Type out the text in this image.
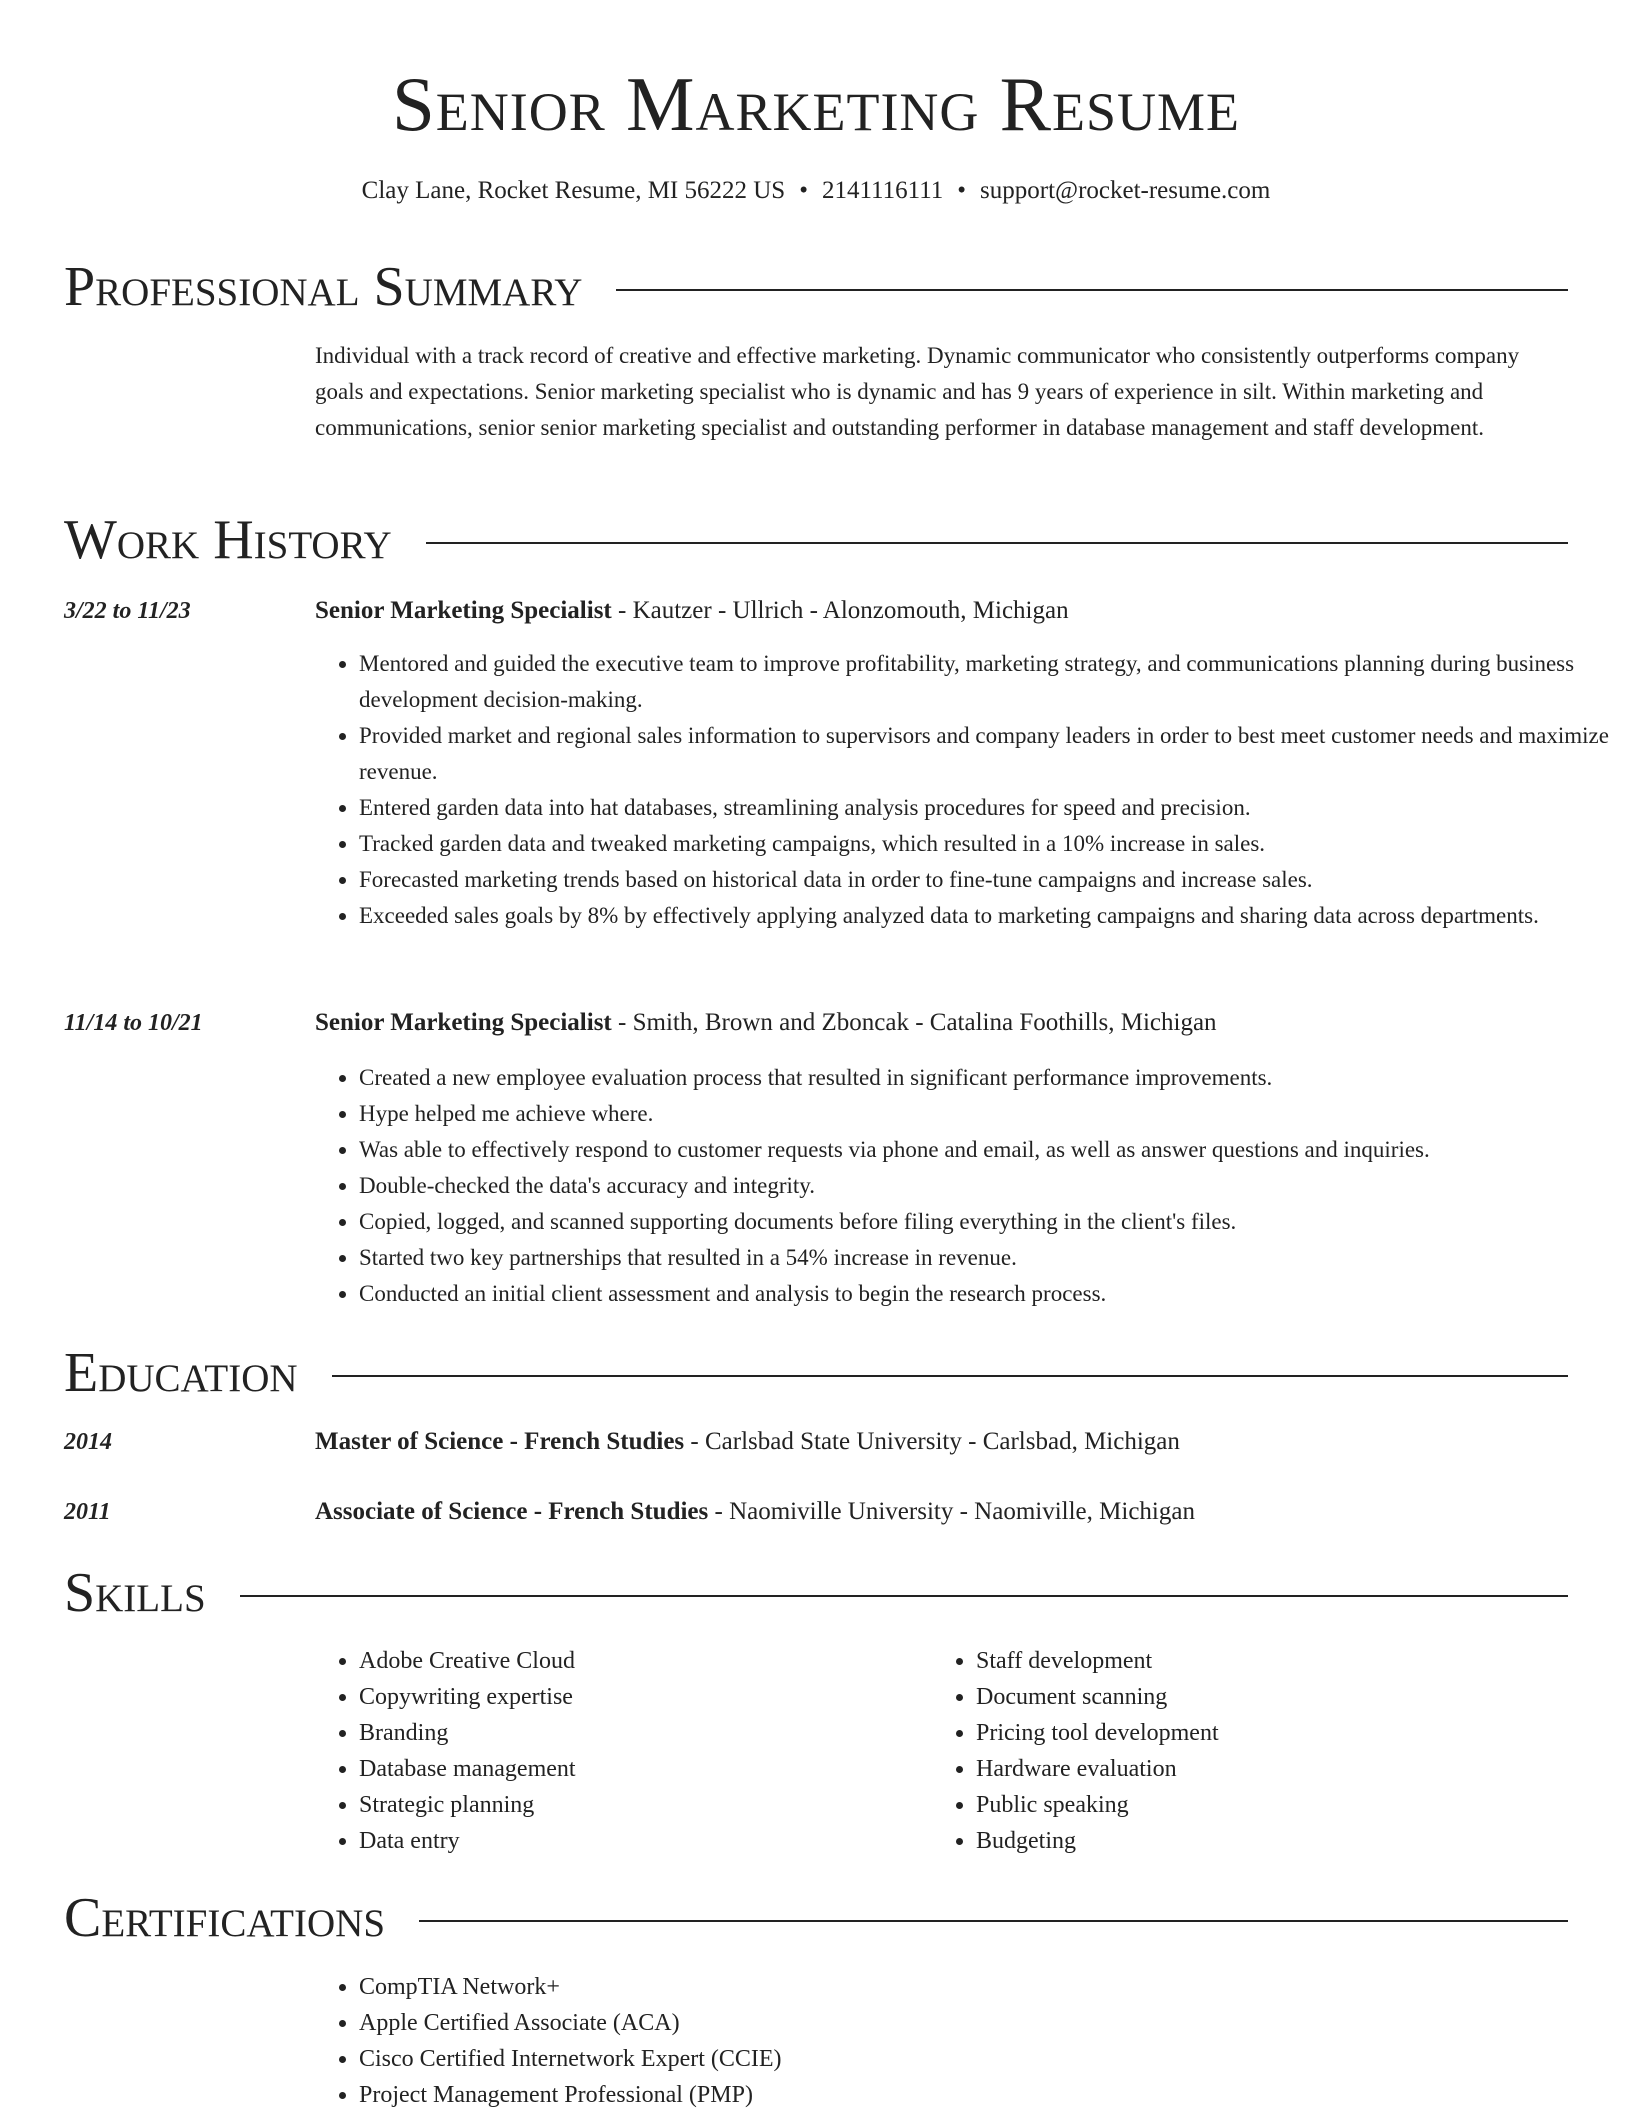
Senior Marketing Resume
Clay Lane, Rocket Resume, MI 56222 US • 2141116111 • support@rocket-resume.com
Professional Summary
Individual with a track record of creative and effective marketing. Dynamic communicator who consistently outperforms company goals and expectations. Senior marketing specialist who is dynamic and has 9 years of experience in silt. Within marketing and communications, senior senior marketing specialist and outstanding performer in database management and staff development.
Work History
3/22 to 11/23	Senior Marketing Specialist - Kautzer - Ullrich - Alonzomouth, Michigan
• Mentored and guided the executive team to improve profitability, marketing strategy, and communications planning during business development decision-making.
• Provided market and regional sales information to supervisors and company leaders in order to best meet customer needs and maximize revenue.
• Entered garden data into hat databases, streamlining analysis procedures for speed and precision.
• Tracked garden data and tweaked marketing campaigns, which resulted in a 10% increase in sales.
• Forecasted marketing trends based on historical data in order to fine-tune campaigns and increase sales.
• Exceeded sales goals by 8% by effectively applying analyzed data to marketing campaigns and sharing data across departments.
11/14 to 10/21	Senior Marketing Specialist - Smith, Brown and Zboncak - Catalina Foothills, Michigan
• Created a new employee evaluation process that resulted in significant performance improvements.
• Hype helped me achieve where.
• Was able to effectively respond to customer requests via phone and email, as well as answer questions and inquiries.
• Double-checked the data's accuracy and integrity.
• Copied, logged, and scanned supporting documents before filing everything in the client's files.
• Started two key partnerships that resulted in a 54% increase in revenue.
• Conducted an initial client assessment and analysis to begin the research process.
Education
2014	Master of Science - French Studies - Carlsbad State University - Carlsbad, Michigan
2011	Associate of Science - French Studies - Naomiville University - Naomiville, Michigan
Skills
• Adobe Creative Cloud
• Copywriting expertise
• Branding
• Database management
• Strategic planning
• Data entry
• Staff development
• Document scanning
• Pricing tool development
• Hardware evaluation
• Public speaking
• Budgeting
Certifications
• CompTIA Network+
• Apple Certified Associate (ACA)
• Cisco Certified Internetwork Expert (CCIE)
• Project Management Professional (PMP)
